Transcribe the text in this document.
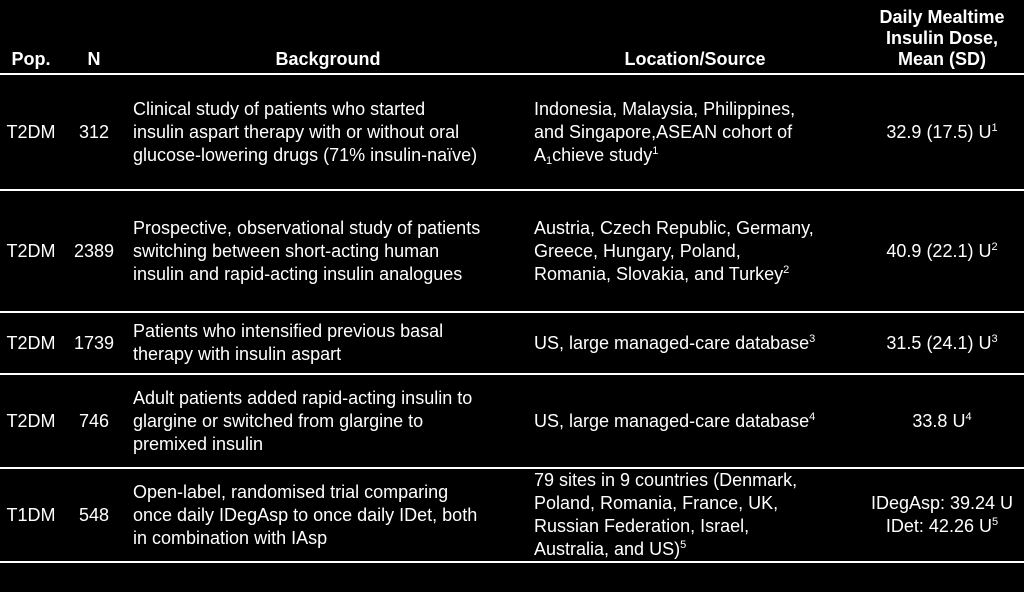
Pop.	N	Background	Location/Source	Daily Mealtime
Insulin Dose,
Mean (SD)

T2DM	312	Clinical study of patients who started
insulin aspart therapy with or without oral
glucose-lowering drugs (71% insulin-naïve)	Indonesia, Malaysia, Philippines,
and Singapore,ASEAN cohort of
$A_1chieve$ study$^1$	32.9 (17.5) $U^1$

T2DM	2389	Prospective, observational study of patients
switching between short-acting human
insulin and rapid-acting insulin analogues	Austria, Czech Republic, Germany,
Greece, Hungary, Poland,
Romania, Slovakia, and Turkey$^2$	40.9 (22.1) $U^2$

T2DM	1739	Patients who intensified previous basal
therapy with insulin aspart	US, large managed-care database$^3$	31.5 (24.1) $U^3$

T2DM	746	Adult patients added rapid-acting insulin to
glargine or switched from glargine to
premixed insulin	US, large managed-care database$^4$	33.8 $U^4$

T1DM	548	Open-label, randomised trial comparing
once daily IDegAsp to once daily IDet, both
in combination with IAsp	79 sites in 9 countries (Denmark,
Poland, Romania, France, UK,
Russian Federation, Israel,
Australia, and US)$^5$	IDegAsp: 39.24 U
IDet: 42.26 $U^5$
